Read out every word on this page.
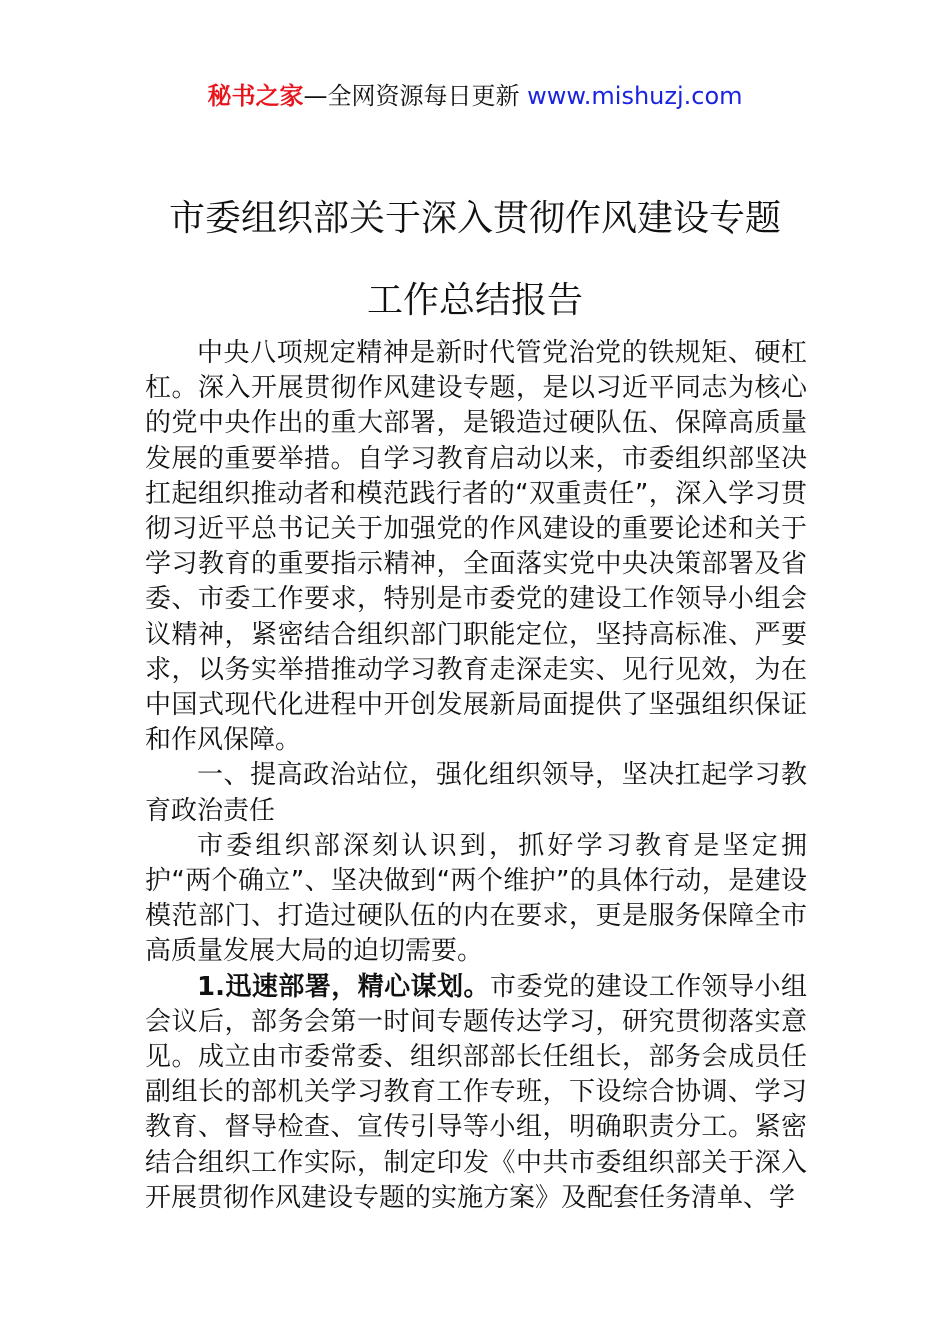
秘书之家—全网资源每日更新 www.mishuzj.com
市委组织部关于深入贯彻作风建设专题
工作总结报告

中央八项规定精神是新时代管党治党的铁规矩、硬杠杠。深入开展贯彻作风建设专题，是以习近平同志为核心的党中央作出的重大部署，是锻造过硬队伍、保障高质量发展的重要举措。自学习教育启动以来，市委组织部坚决扛起组织推动者和模范践行者的“双重责任”，深入学习贯彻习近平总书记关于加强党的作风建设的重要论述和关于学习教育的重要指示精神，全面落实党中央决策部署及省委、市委工作要求，特别是市委党的建设工作领导小组会议精神，紧密结合组织部门职能定位，坚持高标准、严要求，以务实举措推动学习教育走深走实、见行见效，为在中国式现代化进程中开创发展新局面提供了坚强组织保证和作风保障。

一、提高政治站位，强化组织领导，坚决扛起学习教育政治责任

市委组织部深刻认识到，抓好学习教育是坚定拥护“两个确立”、坚决做到“两个维护”的具体行动，是建设模范部门、打造过硬队伍的内在要求，更是服务保障全市高质量发展大局的迫切需要。

1.迅速部署，精心谋划。市委党的建设工作领导小组会议后，部务会第一时间专题传达学习，研究贯彻落实意见。成立由市委常委、组织部部长任组长，部务会成员任副组长的部机关学习教育工作专班，下设综合协调、学习教育、督导检查、宣传引导等小组，明确职责分工。紧密结合组织工作实际，制定印发《中共市委组织部关于深入开展贯彻作风建设专题的实施方案》及配套任务清单、学
